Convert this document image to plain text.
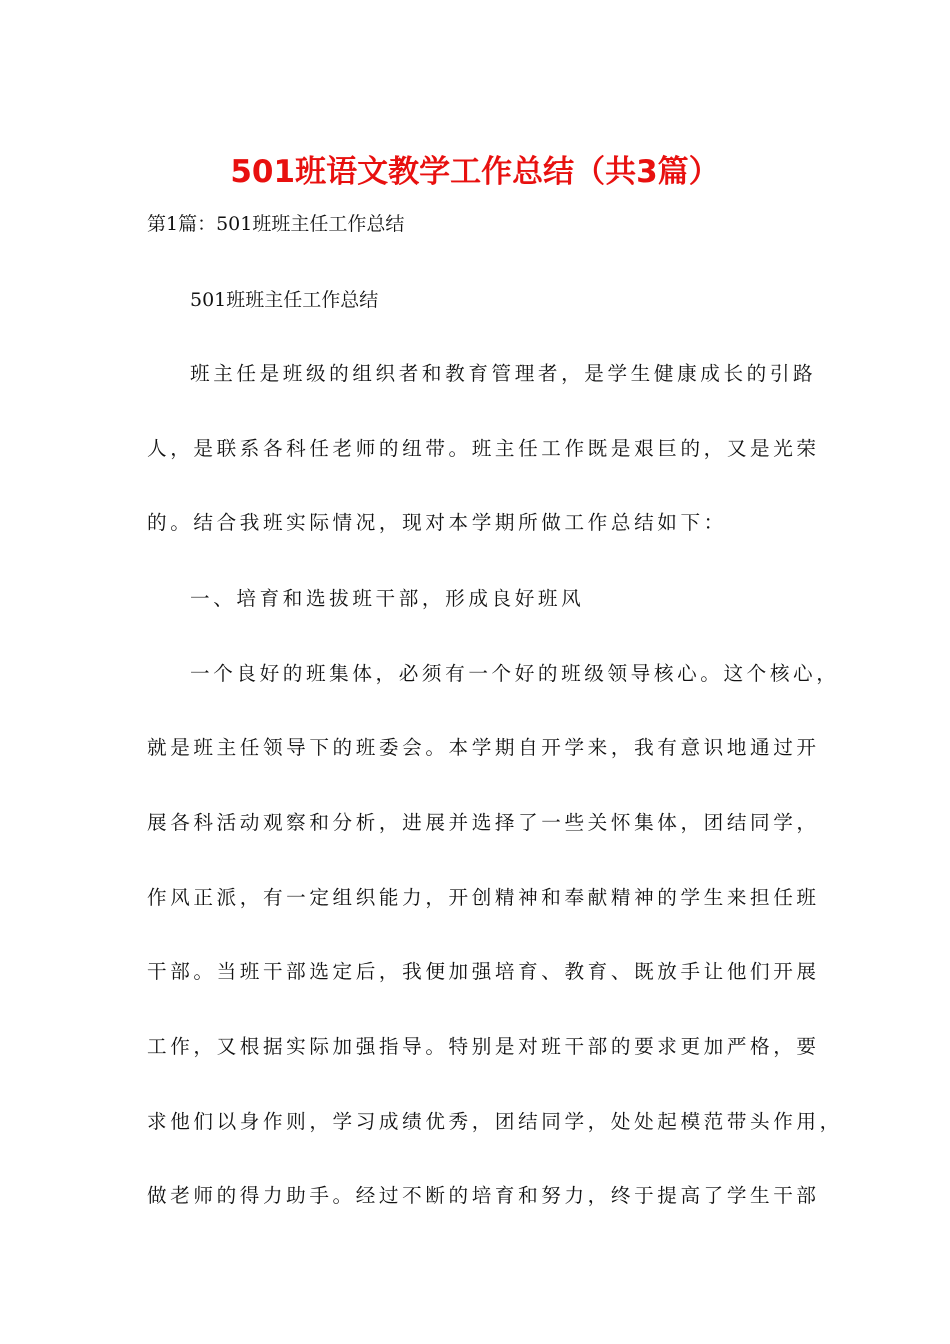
501班语文教学工作总结（共3篇）
第1篇：501班班主任工作总结
501班班主任工作总结
班主任是班级的组织者和教育管理者，是学生健康成长的引路
人，是联系各科任老师的纽带。班主任工作既是艰巨的，又是光荣
的。结合我班实际情况，现对本学期所做工作总结如下：
一、培育和选拔班干部，形成良好班风
一个良好的班集体，必须有一个好的班级领导核心。这个核心，
就是班主任领导下的班委会。本学期自开学来，我有意识地通过开
展各科活动观察和分析，进展并选择了一些关怀集体，团结同学，
作风正派，有一定组织能力，开创精神和奉献精神的学生来担任班
干部。当班干部选定后，我便加强培育、教育、既放手让他们开展
工作，又根据实际加强指导。特别是对班干部的要求更加严格，要
求他们以身作则，学习成绩优秀，团结同学，处处起模范带头作用，
做老师的得力助手。经过不断的培育和努力，终于提高了学生干部
